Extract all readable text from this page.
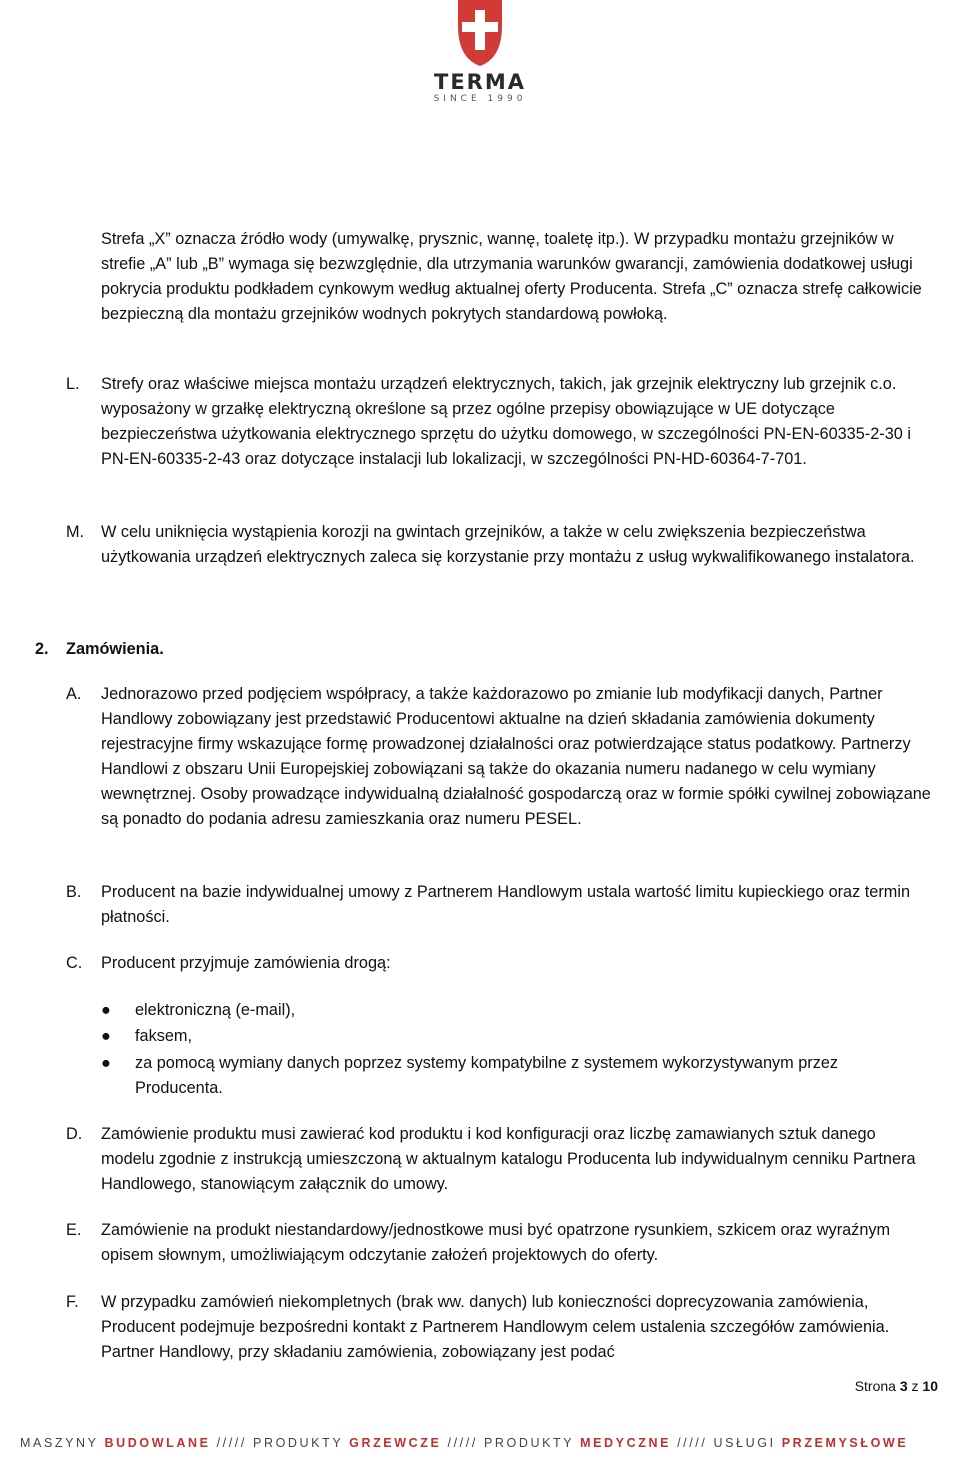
TERMA
SINCE 1990

Strefa „X” oznacza źródło wody (umywalkę, prysznic, wannę, toaletę itp.). W przypadku montażu grzejników w strefie „A” lub „B” wymaga się bezwzględnie, dla utrzymania warunków gwarancji, zamówienia dodatkowej usługi pokrycia produktu podkładem cynkowym według aktualnej oferty Producenta. Strefa „C” oznacza strefę całkowicie bezpieczną dla montażu grzejników wodnych pokrytych standardową powłoką.

L. Strefy oraz właściwe miejsca montażu urządzeń elektrycznych, takich, jak grzejnik elektryczny lub grzejnik c.o. wyposażony w grzałkę elektryczną określone są przez ogólne przepisy obowiązujące w UE dotyczące bezpieczeństwa użytkowania elektrycznego sprzętu do użytku domowego, w szczególności PN-EN-60335-2-30 i PN-EN-60335-2-43 oraz dotyczące instalacji lub lokalizacji, w szczególności PN-HD-60364-7-701.
M. W celu uniknięcia wystąpienia korozji na gwintach grzejników, a także w celu zwiększenia bezpieczeństwa użytkowania urządzeń elektrycznych zaleca się korzystanie przy montażu z usług wykwalifikowanego instalatora.
2. Zamówienia.
A. Jednorazowo przed podjęciem współpracy, a także każdorazowo po zmianie lub modyfikacji danych, Partner Handlowy zobowiązany jest przedstawić Producentowi aktualne na dzień składania zamówienia dokumenty rejestracyjne firmy wskazujące formę prowadzonej działalności oraz potwierdzające status podatkowy. Partnerzy Handlowi z obszaru Unii Europejskiej zobowiązani są także do okazania numeru nadanego w celu wymiany wewnętrznej. Osoby prowadzące indywidualną działalność gospodarczą oraz w formie spółki cywilnej zobowiązane są ponadto do podania adresu zamieszkania oraz numeru PESEL.
B. Producent na bazie indywidualnej umowy z Partnerem Handlowym ustala wartość limitu kupieckiego oraz termin płatności.
C. Producent przyjmuje zamówienia drogą:
● elektroniczną (e-mail),
● faksem,
● za pomocą wymiany danych poprzez systemy kompatybilne z systemem wykorzystywanym przez Producenta.
D. Zamówienie produktu musi zawierać kod produktu i kod konfiguracji oraz liczbę zamawianych sztuk danego modelu zgodnie z instrukcją umieszczoną w aktualnym katalogu Producenta lub indywidualnym cenniku Partnera Handlowego, stanowiącym załącznik do umowy.
E. Zamówienie na produkt niestandardowy/jednostkowe musi być opatrzone rysunkiem, szkicem oraz wyraźnym opisem słownym, umożliwiającym odczytanie założeń projektowych do oferty.
F. W przypadku zamówień niekompletnych (brak ww. danych) lub konieczności doprecyzowania zamówienia, Producent podejmuje bezpośredni kontakt z Partnerem Handlowym celem ustalenia szczegółów zamówienia. Partner Handlowy, przy składaniu zamówienia, zobowiązany jest podać
Strona 3 z 10
MASZYNY BUDOWLANE ///// PRODUKTY GRZEWCZE ///// PRODUKTY MEDYCZNE ///// USŁUGI PRZEMYSŁOWE
